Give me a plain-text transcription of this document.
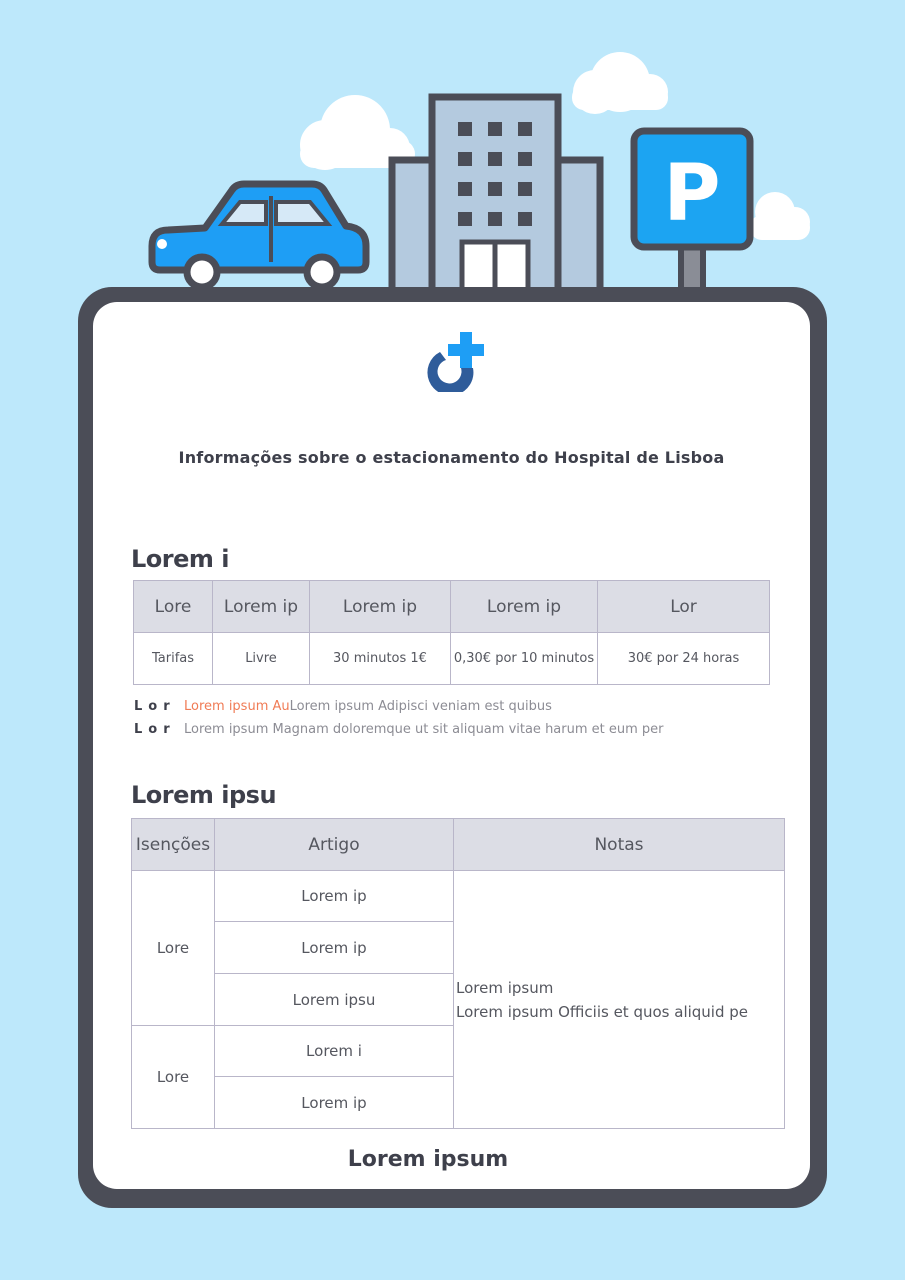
P
Informações sobre o estacionamento do Hospital de Lisboa
Lorem i
Lore	Lorem ip	Lorem ip	Lorem ip	Lor
Tarifas	Livre	30 minutos 1€	0,30€ por 10 minutos	30€ por 24 horas
Lor Lorem ipsum AuLorem ipsum Adipisci veniam est quibus
Lor Lorem ipsum Magnam doloremque ut sit aliquam vitae harum et eum per
Lorem ipsu
Isenções	Artigo	Notas
Lore	Lorem ip	Lorem ipsum
Lorem ipsum Officiis et quos aliquid pe

	Lorem ip	
	Lorem ipsu	
Lore	Lorem i	
	Lorem ip	
Lorem ipsum
